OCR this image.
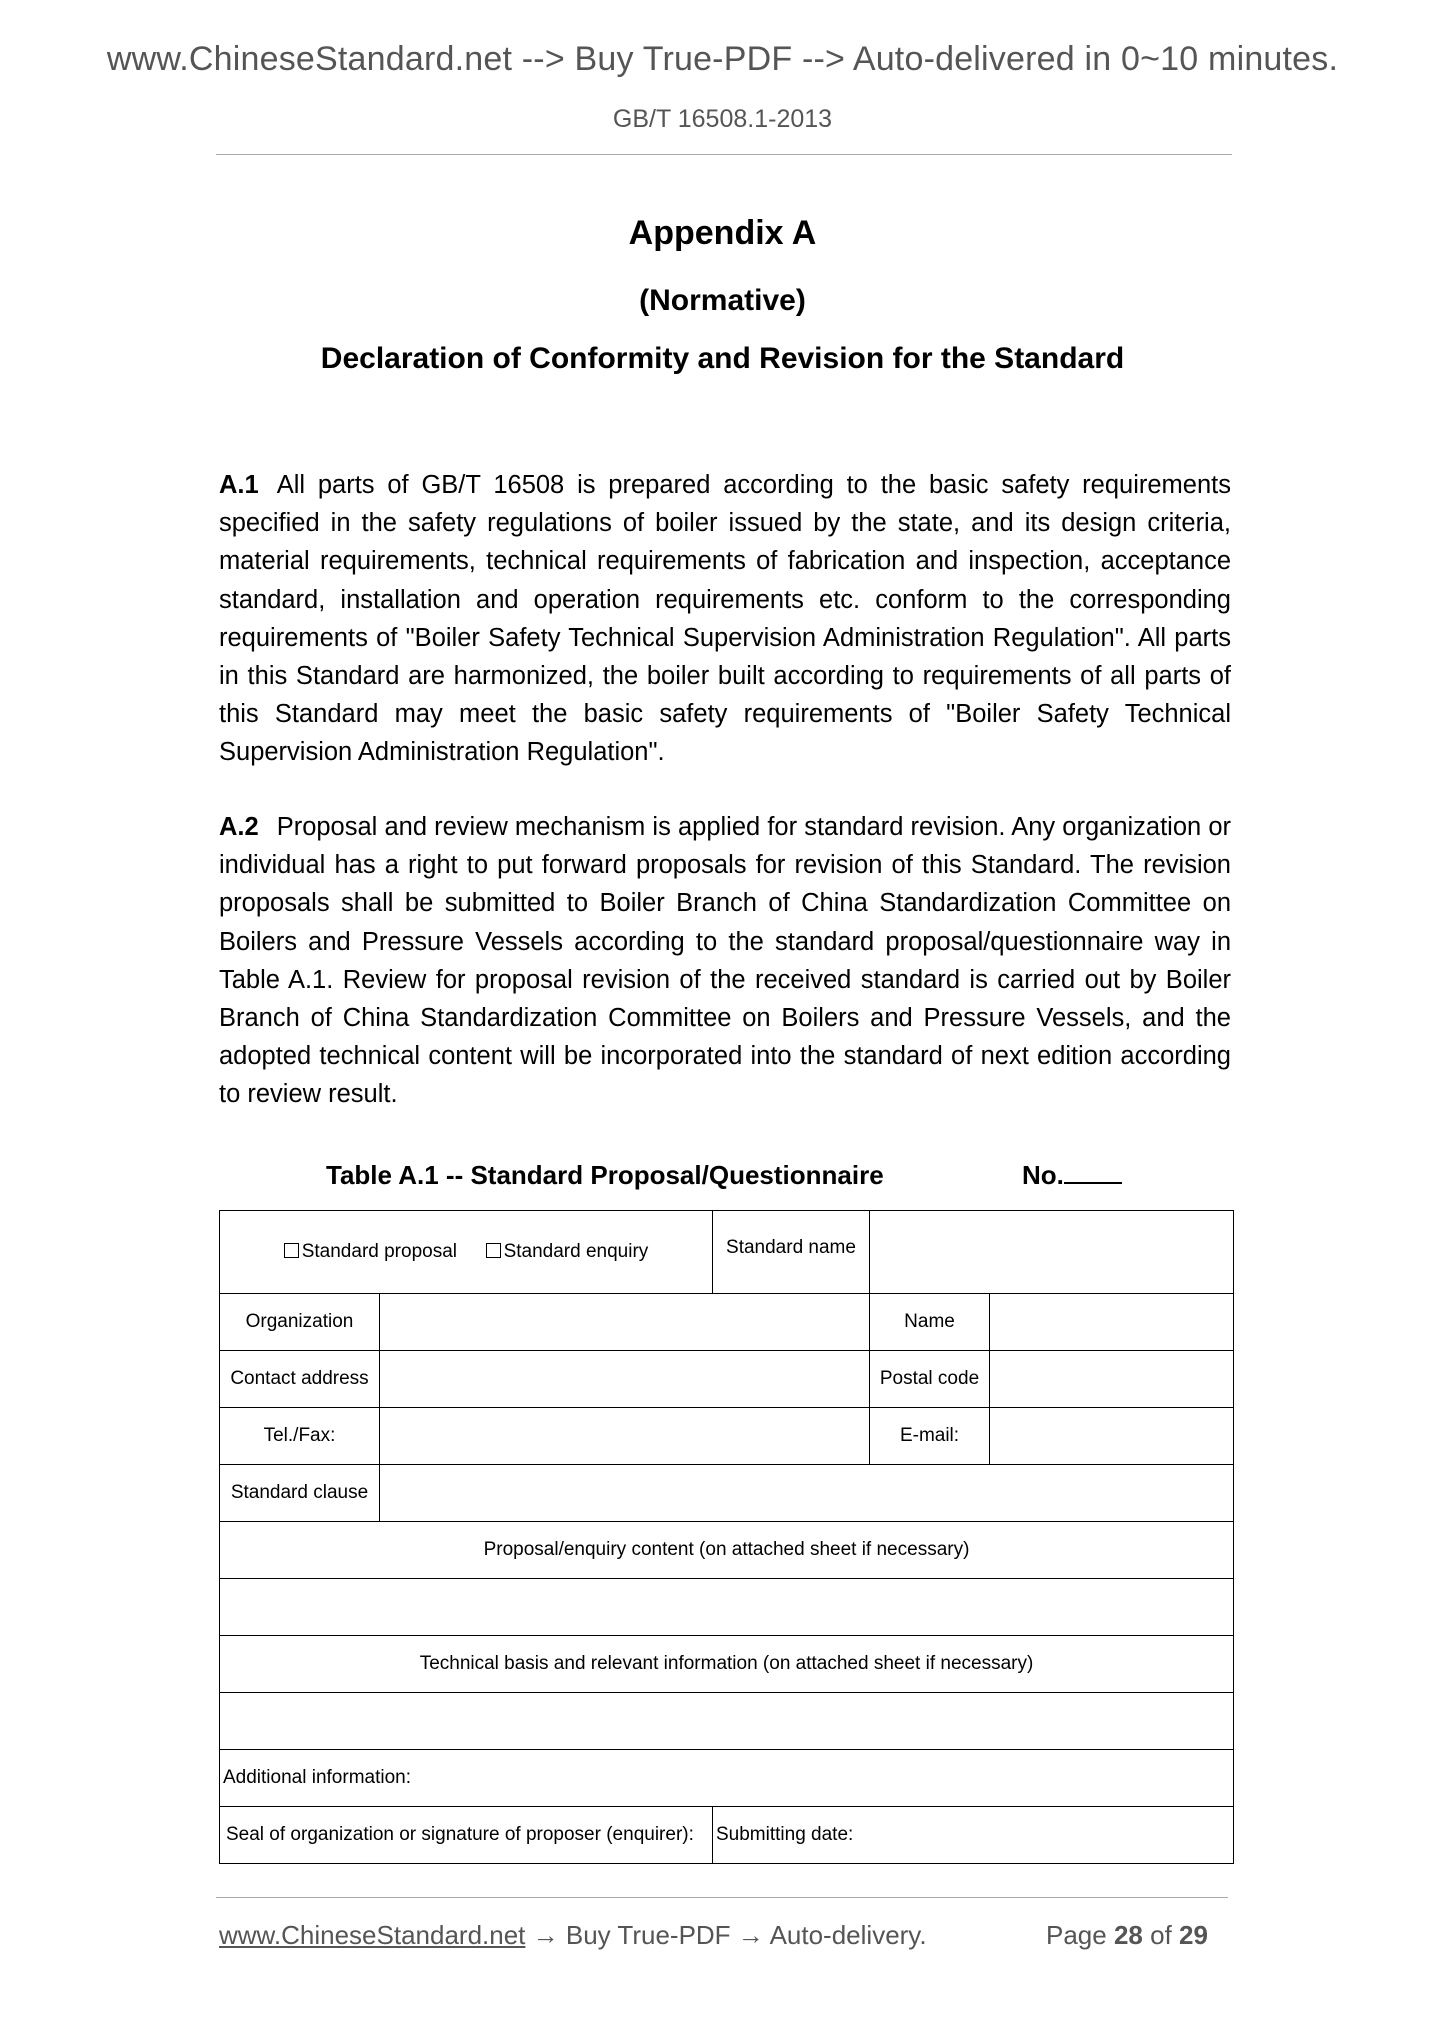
www.ChineseStandard.net --> Buy True-PDF --> Auto-delivered in 0~10 minutes.
GB/T 16508.1-2013
Appendix A
(Normative)
Declaration of Conformity and Revision for the Standard
A.1 All parts of GB/T 16508 is prepared according to the basic safety requirements specified in the safety regulations of boiler issued by the state, and its design criteria, material requirements, technical requirements of fabrication and inspection, acceptance standard, installation and operation requirements etc. conform to the corresponding requirements of "Boiler Safety Technical Supervision Administration Regulation". All parts in this Standard are harmonized, the boiler built according to requirements of all parts of this Standard may meet the basic safety requirements of "Boiler Safety Technical Supervision Administration Regulation".
A.2 Proposal and review mechanism is applied for standard revision. Any organization or individual has a right to put forward proposals for revision of this Standard. The revision proposals shall be submitted to Boiler Branch of China Standardization Committee on Boilers and Pressure Vessels according to the standard proposal/questionnaire way in Table A.1. Review for proposal revision of the received standard is carried out by Boiler Branch of China Standardization Committee on Boilers and Pressure Vessels, and the adopted technical content will be incorporated into the standard of next edition according to review result.
Table A.1 -- Standard Proposal/Questionnaire	No.
Standard proposal Standard enquiry		Standard name		
Organization			Name	
Contact address			Postal code	
Tel./Fax:			E-mail:	
Standard clause				
Proposal/enquiry content (on attached sheet if necessary)				

Technical basis and relevant information (on attached sheet if necessary)				

Additional information:				
Seal of organization or signature of proposer (enquirer):		Submitting date:		
www.ChineseStandard.net → Buy True-PDF → Auto-delivery.	Page 28 of 29
